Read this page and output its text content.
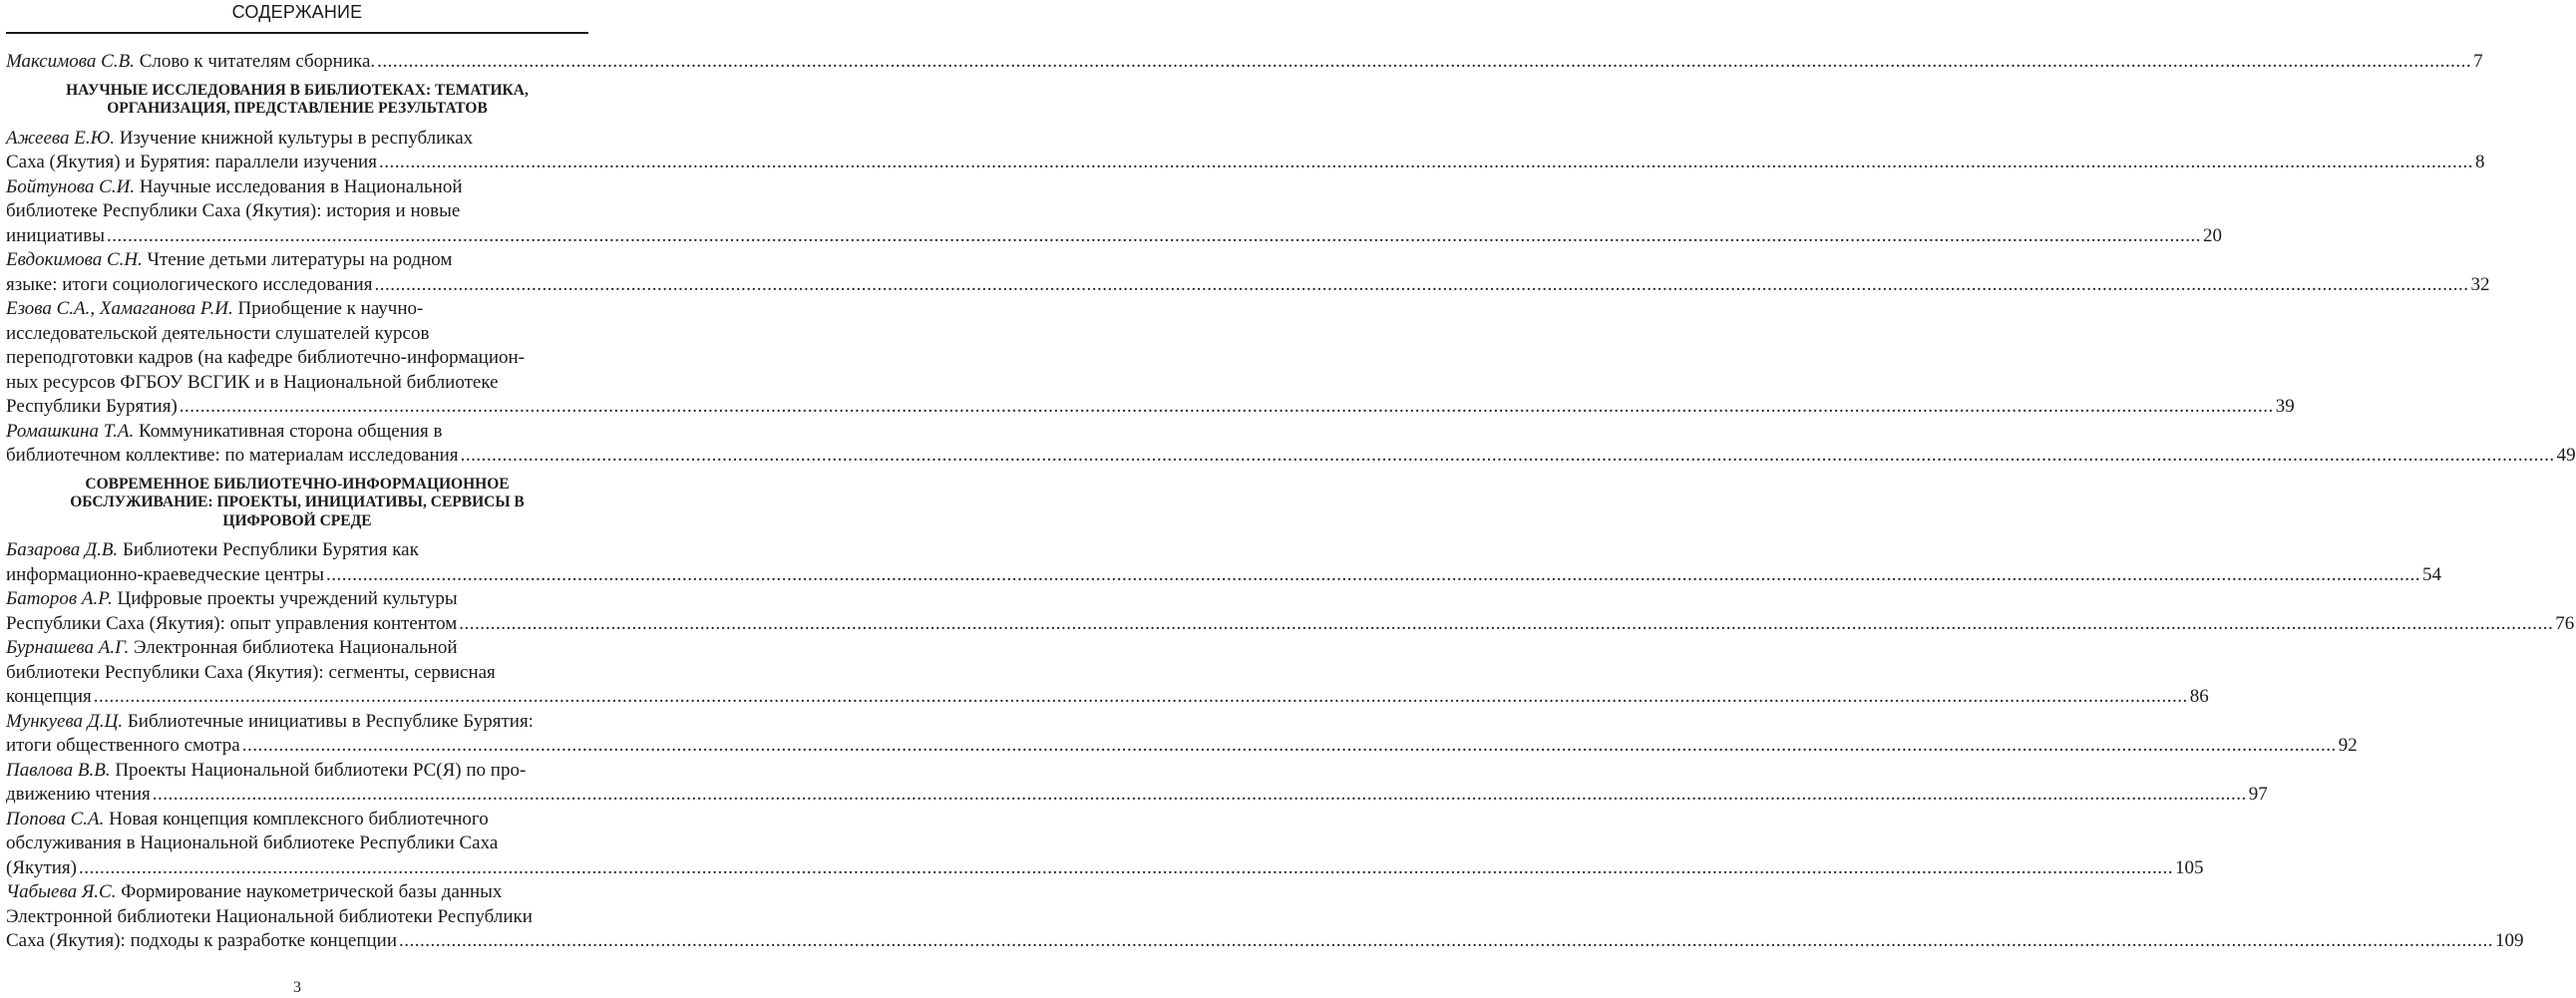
СОДЕРЖАНИЕ
Максимова С.В. Слово к читателям сборника. ................................................................................................................................................................................................................................................................................................................................................................................................................ 7
НАУЧНЫЕ ИССЛЕДОВАНИЯ В БИБЛИОТЕКАХ: ТЕМАТИКА,
ОРГАНИЗАЦИЯ, ПРЕДСТАВЛЕНИЕ РЕЗУЛЬТАТОВ
Ажеева Е.Ю. Изучение книжной культуры в республиках
Саха (Якутия) и Бурятия: параллели изучения ................................................................................................................................................................................................................................................................................................................................................................................................................ 8
Бойтунова С.И. Научные исследования в Национальной
библиотеке Республики Саха (Якутия): история и новые
инициативы ................................................................................................................................................................................................................................................................................................................................................................................................................ 20
Евдокимова С.Н. Чтение детьми литературы на родном
языке: итоги социологического исследования ................................................................................................................................................................................................................................................................................................................................................................................................................ 32
Езова С.А., Хамаганова Р.И. Приобщение к научно-
исследовательской деятельности слушателей курсов
переподготовки кадров (на кафедре библиотечно-информацион-
ных ресурсов ФГБОУ ВСГИК и в Национальной библиотеке
Республики Бурятия) ................................................................................................................................................................................................................................................................................................................................................................................................................ 39
Ромашкина Т.А. Коммуникативная сторона общения в
библиотечном коллективе: по материалам исследования ................................................................................................................................................................................................................................................................................................................................................................................................................ 49
СОВРЕМЕННОЕ БИБЛИОТЕЧНО-ИНФОРМАЦИОННОЕ
ОБСЛУЖИВАНИЕ: ПРОЕКТЫ, ИНИЦИАТИВЫ, СЕРВИСЫ В
ЦИФРОВОЙ СРЕДЕ
Базарова Д.В. Библиотеки Республики Бурятия как
информационно-краеведческие центры ................................................................................................................................................................................................................................................................................................................................................................................................................ 54
Баторов А.Р. Цифровые проекты учреждений культуры
Республики Саха (Якутия): опыт управления контентом ................................................................................................................................................................................................................................................................................................................................................................................................................ 76
Бурнашева А.Г. Электронная библиотека Национальной
библиотеки Республики Саха (Якутия): сегменты, сервисная
концепция ................................................................................................................................................................................................................................................................................................................................................................................................................ 86
Мункуева Д.Ц. Библиотечные инициативы в Республике Бурятия:
итоги общественного смотра ................................................................................................................................................................................................................................................................................................................................................................................................................ 92
Павлова В.В. Проекты Национальной библиотеки РС(Я) по про-
движению чтения ................................................................................................................................................................................................................................................................................................................................................................................................................ 97
Попова С.А. Новая концепция комплексного библиотечного
обслуживания в Национальной библиотеке Республики Саха
(Якутия) ................................................................................................................................................................................................................................................................................................................................................................................................................ 105
Чабыева Я.С. Формирование наукометрической базы данных
Электронной библиотеки Национальной библиотеки Республики
Саха (Якутия): подходы к разработке концепции ................................................................................................................................................................................................................................................................................................................................................................................................................ 109
3
